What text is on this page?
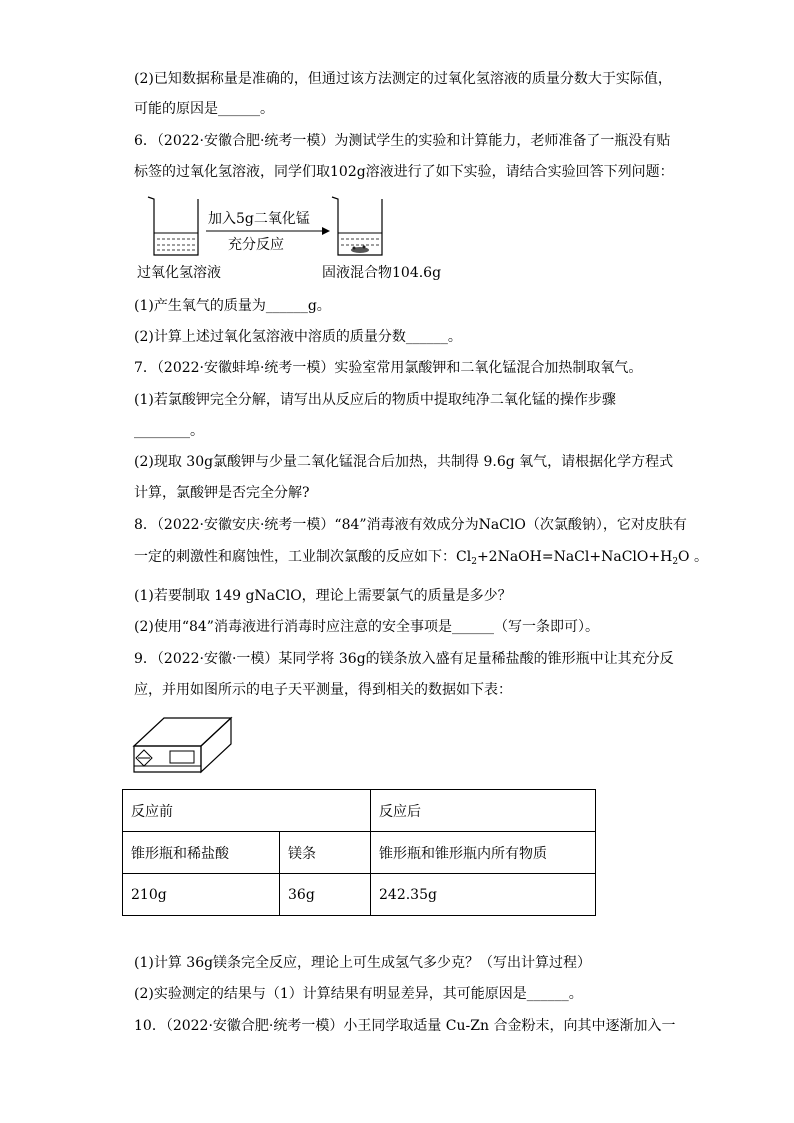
(2)已知数据称量是准确的，但通过该方法测定的过氧化氢溶液的质量分数大于实际值，
可能的原因是______。
6．（2022·安徽合肥·统考一模）为测试学生的实验和计算能力，老师准备了一瓶没有贴
标签的过氧化氢溶液，同学们取102g溶液进行了如下实验，请结合实验回答下列问题：
加入5g二氧化锰
充分反应
过氧化氢溶液	固液混合物104.6g
(1)产生氧气的质量为______g。
(2)计算上述过氧化氢溶液中溶质的质量分数______。
7．（2022·安徽蚌埠·统考一模）实验室常用氯酸钾和二氧化锰混合加热制取氧气。
(1)若氯酸钾完全分解，请写出从反应后的物质中提取纯净二氧化锰的操作步骤
________。
(2)现取 30g氯酸钾与少量二氧化锰混合后加热，共制得 9.6g 氧气，请根据化学方程式
计算，氯酸钾是否完全分解?
8．（2022·安徽安庆·统考一模）“84”消毒液有效成分为NaClO（次氯酸钠），它对皮肤有
一定的刺激性和腐蚀性，工业制次氯酸的反应如下：$Cl_2+2NaOH=NaCl+NaClO+H_2O$ 。
(1)若要制取 149 gNaClO，理论上需要氯气的质量是多少？
(2)使用“84”消毒液进行消毒时应注意的安全事项是______（写一条即可）。
9．（2022·安徽·一模）某同学将 36g的镁条放入盛有足量稀盐酸的锥形瓶中让其充分反
应，并用如图所示的电子天平测量，得到相关的数据如下表：
反应前		反应后
锥形瓶和稀盐酸	镁条	锥形瓶和锥形瓶内所有物质
210g	36g	242.35g
(1)计算 36g镁条完全反应，理论上可生成氢气多少克？（写出计算过程）
(2)实验测定的结果与（1）计算结果有明显差异，其可能原因是______。
10．（2022·安徽合肥·统考一模）小王同学取适量 Cu-Zn 合金粉末，向其中逐渐加入一
